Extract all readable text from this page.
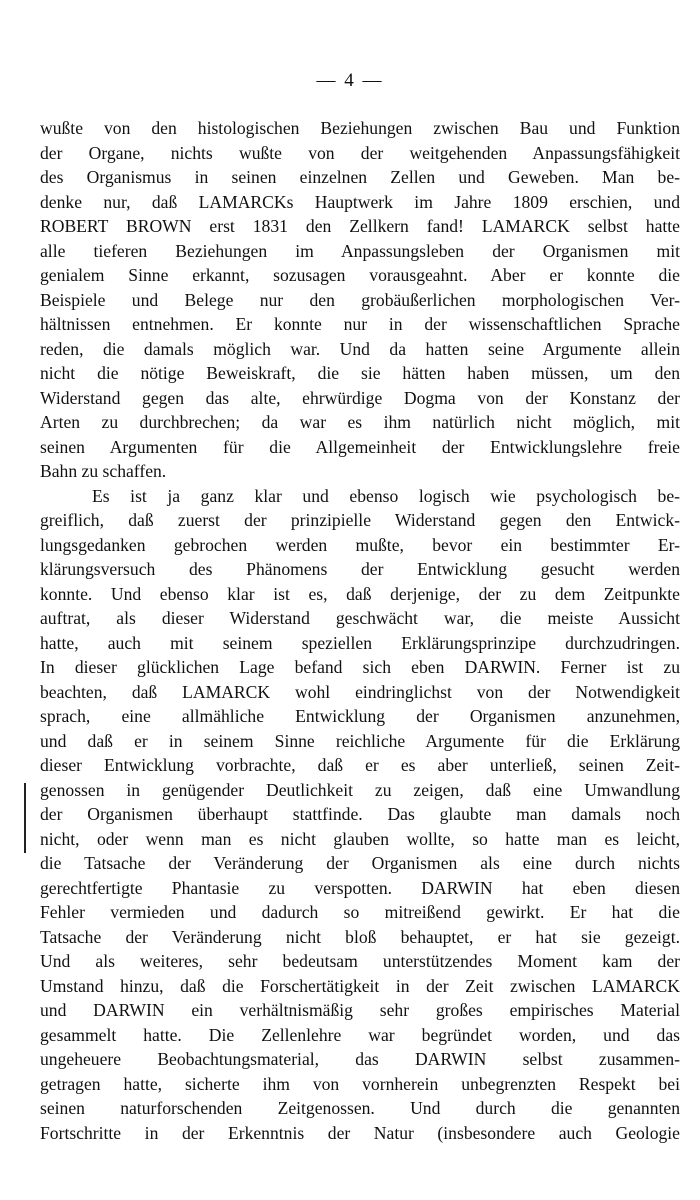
— 4 —
wußte von den histologischen Beziehungen zwischen Bau und Funktion
der Organe, nichts wußte von der weitgehenden Anpassungsfähigkeit
des Organismus in seinen einzelnen Zellen und Geweben. Man be-
denke nur, daß LAMARCKs Hauptwerk im Jahre 1809 erschien, und
ROBERT BROWN erst 1831 den Zellkern fand! LAMARCK selbst hatte
alle tieferen Beziehungen im Anpassungsleben der Organismen mit
genialem Sinne erkannt, sozusagen vorausgeahnt. Aber er konnte die
Beispiele und Belege nur den grobäußerlichen morphologischen Ver-
hältnissen entnehmen. Er konnte nur in der wissenschaftlichen Sprache
reden, die damals möglich war. Und da hatten seine Argumente allein
nicht die nötige Beweiskraft, die sie hätten haben müssen, um den
Widerstand gegen das alte, ehrwürdige Dogma von der Konstanz der
Arten zu durchbrechen; da war es ihm natürlich nicht möglich, mit
seinen Argumenten für die Allgemeinheit der Entwicklungslehre freie
Bahn zu schaffen.
Es ist ja ganz klar und ebenso logisch wie psychologisch be-
greiflich, daß zuerst der prinzipielle Widerstand gegen den Entwick-
lungsgedanken gebrochen werden mußte, bevor ein bestimmter Er-
klärungsversuch des Phänomens der Entwicklung gesucht werden
konnte. Und ebenso klar ist es, daß derjenige, der zu dem Zeitpunkte
auftrat, als dieser Widerstand geschwächt war, die meiste Aussicht
hatte, auch mit seinem speziellen Erklärungsprinzipe durchzudringen.
In dieser glücklichen Lage befand sich eben DARWIN. Ferner ist zu
beachten, daß LAMARCK wohl eindringlichst von der Notwendigkeit
sprach, eine allmähliche Entwicklung der Organismen anzunehmen,
und daß er in seinem Sinne reichliche Argumente für die Erklärung
dieser Entwicklung vorbrachte, daß er es aber unterließ, seinen Zeit-
genossen in genügender Deutlichkeit zu zeigen, daß eine Umwandlung
der Organismen überhaupt stattfinde. Das glaubte man damals noch
nicht, oder wenn man es nicht glauben wollte, so hatte man es leicht,
die Tatsache der Veränderung der Organismen als eine durch nichts
gerechtfertigte Phantasie zu verspotten. DARWIN hat eben diesen
Fehler vermieden und dadurch so mitreißend gewirkt. Er hat die
Tatsache der Veränderung nicht bloß behauptet, er hat sie gezeigt.
Und als weiteres, sehr bedeutsam unterstützendes Moment kam der
Umstand hinzu, daß die Forschertätigkeit in der Zeit zwischen LAMARCK
und DARWIN ein verhältnismäßig sehr großes empirisches Material
gesammelt hatte. Die Zellenlehre war begründet worden, und das
ungeheuere Beobachtungsmaterial, das DARWIN selbst zusammen-
getragen hatte, sicherte ihm von vornherein unbegrenzten Respekt bei
seinen naturforschenden Zeitgenossen. Und durch die genannten
Fortschritte in der Erkenntnis der Natur (insbesondere auch Geologie
